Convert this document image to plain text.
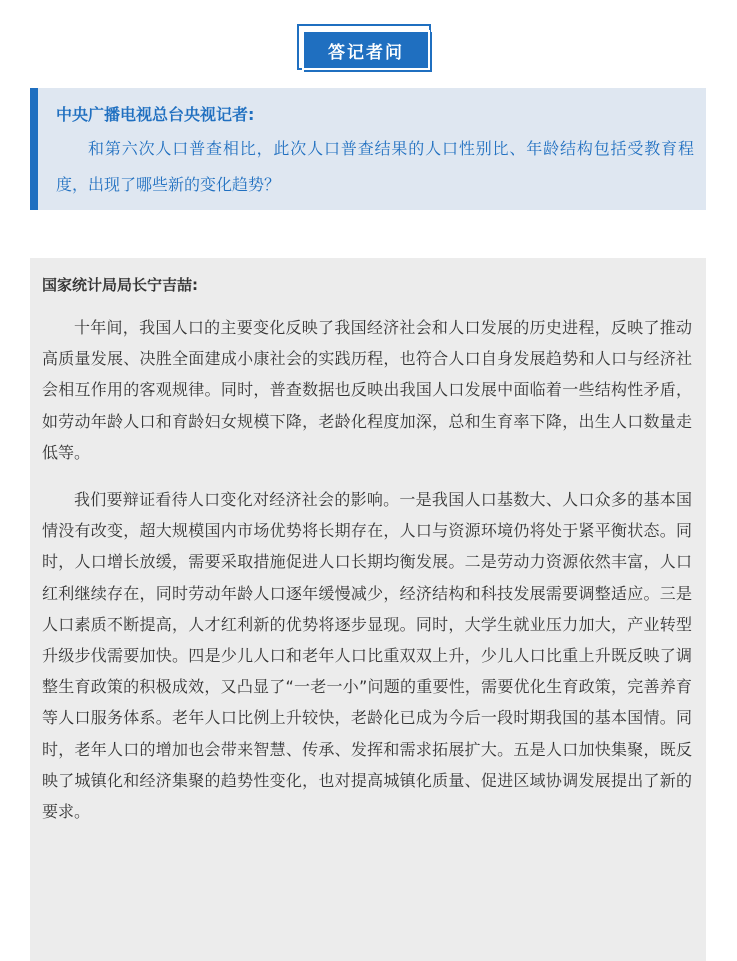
答记者问
中央广播电视总台央视记者:
和第六次人口普查相比，此次人口普查结果的人口性别比、年龄结构包括受教育程度，出现了哪些新的变化趋势？
国家统计局局长宁吉喆:

十年间，我国人口的主要变化反映了我国经济社会和人口发展的历史进程，反映了推动高质量发展、决胜全面建成小康社会的实践历程，也符合人口自身发展趋势和人口与经济社会相互作用的客观规律。同时，普查数据也反映出我国人口发展中面临着一些结构性矛盾，如劳动年龄人口和育龄妇女规模下降，老龄化程度加深，总和生育率下降，出生人口数量走低等。

我们要辩证看待人口变化对经济社会的影响。一是我国人口基数大、人口众多的基本国情没有改变，超大规模国内市场优势将长期存在，人口与资源环境仍将处于紧平衡状态。同时，人口增长放缓，需要采取措施促进人口长期均衡发展。二是劳动力资源依然丰富，人口红利继续存在，同时劳动年龄人口逐年缓慢减少，经济结构和科技发展需要调整适应。三是人口素质不断提高，人才红利新的优势将逐步显现。同时，大学生就业压力加大，产业转型升级步伐需要加快。四是少儿人口和老年人口比重双双上升，少儿人口比重上升既反映了调整生育政策的积极成效，又凸显了“一老一小”问题的重要性，需要优化生育政策，完善养育等人口服务体系。老年人口比例上升较快，老龄化已成为今后一段时期我国的基本国情。同时，老年人口的增加也会带来智慧、传承、发挥和需求拓展扩大。五是人口加快集聚，既反映了城镇化和经济集聚的趋势性变化，也对提高城镇化质量、促进区域协调发展提出了新的要求。
